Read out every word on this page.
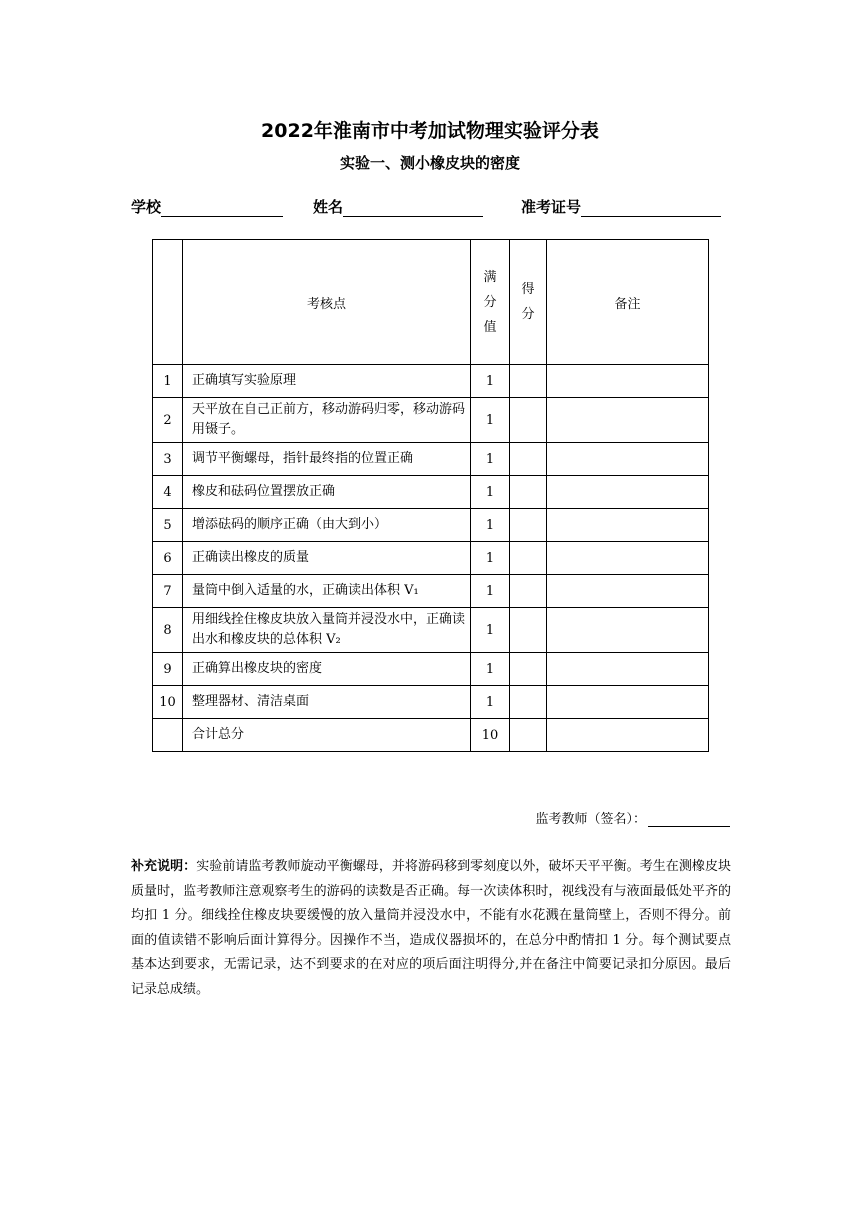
2022年淮南市中考加试物理实验评分表
实验一、测小橡皮块的密度
学校	姓名	准考证号
	考核点	满分值	得分	备注
1	正确填写实验原理	1		
2	天平放在自己正前方，移动游码归零，移动游码用镊子。	1		
3	调节平衡螺母，指针最终指的位置正确	1		
4	橡皮和砝码位置摆放正确	1		
5	增添砝码的顺序正确（由大到小）	1		
6	正确读出橡皮的质量	1		
7	量筒中倒入适量的水，正确读出体积 V₁	1		
8	用细线拴住橡皮块放入量筒并浸没水中，正确读出水和橡皮块的总体积 V₂	1		
9	正确算出橡皮块的密度	1		
10	整理器材、清洁桌面	1		
	合计总分	10		
监考教师（签名）：
补充说明：实验前请监考教师旋动平衡螺母，并将游码移到零刻度以外，破坏天平平衡。考生在测橡皮块质量时，监考教师注意观察考生的游码的读数是否正确。每一次读体积时，视线没有与液面最低处平齐的均扣 1 分。细线拴住橡皮块要缓慢的放入量筒并浸没水中，不能有水花溅在量筒壁上，否则不得分。前面的值读错不影响后面计算得分。因操作不当，造成仪器损坏的，在总分中酌情扣 1 分。每个测试要点基本达到要求，无需记录，达不到要求的在对应的项后面注明得分,并在备注中简要记录扣分原因。最后记录总成绩。
